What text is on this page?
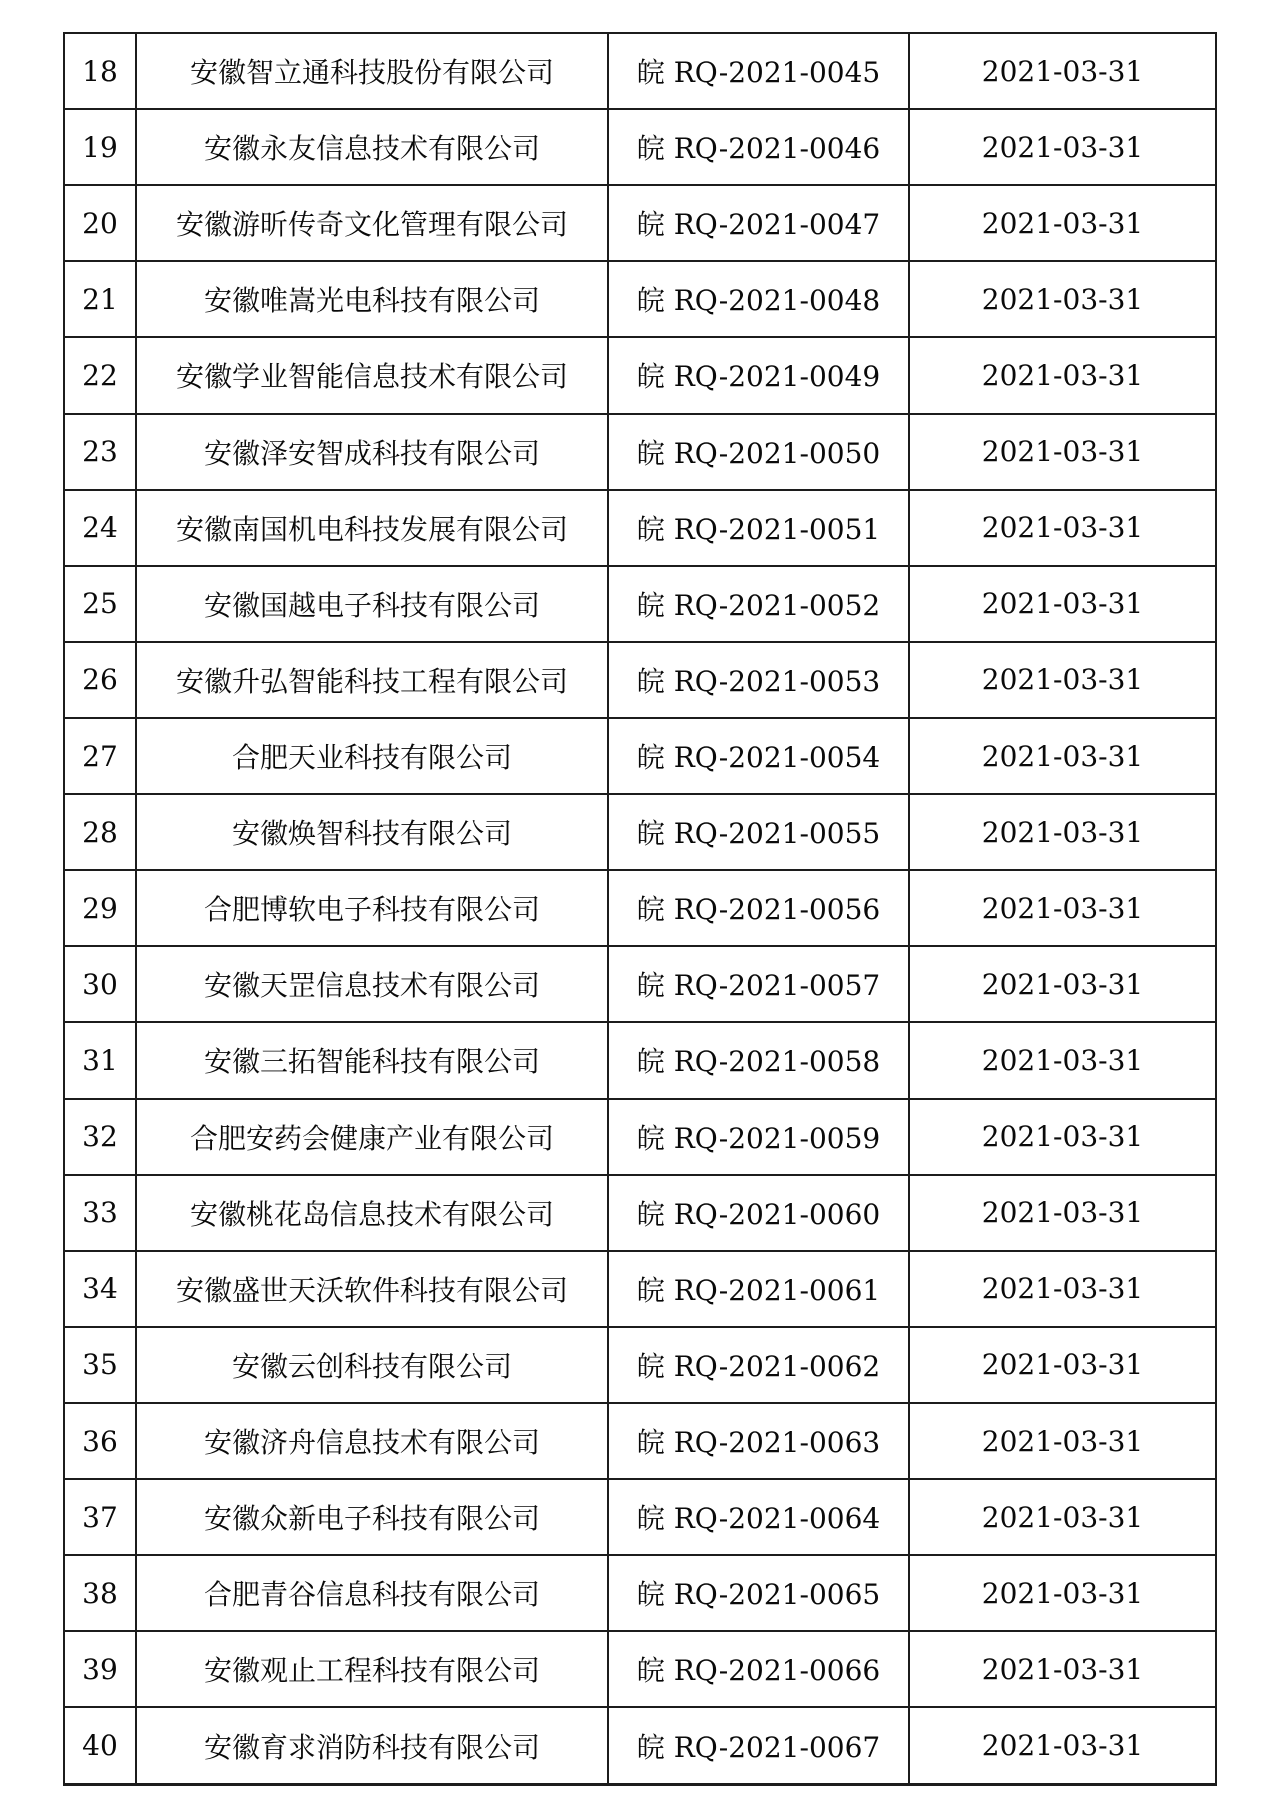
18	安徽智立通科技股份有限公司	皖 RQ-2021-0045	2021-03-31
19	安徽永友信息技术有限公司	皖 RQ-2021-0046	2021-03-31
20	安徽游昕传奇文化管理有限公司	皖 RQ-2021-0047	2021-03-31
21	安徽唯嵩光电科技有限公司	皖 RQ-2021-0048	2021-03-31
22	安徽学业智能信息技术有限公司	皖 RQ-2021-0049	2021-03-31
23	安徽泽安智成科技有限公司	皖 RQ-2021-0050	2021-03-31
24	安徽南国机电科技发展有限公司	皖 RQ-2021-0051	2021-03-31
25	安徽国越电子科技有限公司	皖 RQ-2021-0052	2021-03-31
26	安徽升弘智能科技工程有限公司	皖 RQ-2021-0053	2021-03-31
27	合肥天业科技有限公司	皖 RQ-2021-0054	2021-03-31
28	安徽焕智科技有限公司	皖 RQ-2021-0055	2021-03-31
29	合肥博软电子科技有限公司	皖 RQ-2021-0056	2021-03-31
30	安徽天罡信息技术有限公司	皖 RQ-2021-0057	2021-03-31
31	安徽三拓智能科技有限公司	皖 RQ-2021-0058	2021-03-31
32	合肥安药会健康产业有限公司	皖 RQ-2021-0059	2021-03-31
33	安徽桃花岛信息技术有限公司	皖 RQ-2021-0060	2021-03-31
34	安徽盛世天沃软件科技有限公司	皖 RQ-2021-0061	2021-03-31
35	安徽云创科技有限公司	皖 RQ-2021-0062	2021-03-31
36	安徽济舟信息技术有限公司	皖 RQ-2021-0063	2021-03-31
37	安徽众新电子科技有限公司	皖 RQ-2021-0064	2021-03-31
38	合肥青谷信息科技有限公司	皖 RQ-2021-0065	2021-03-31
39	安徽观止工程科技有限公司	皖 RQ-2021-0066	2021-03-31
40	安徽育求消防科技有限公司	皖 RQ-2021-0067	2021-03-31
